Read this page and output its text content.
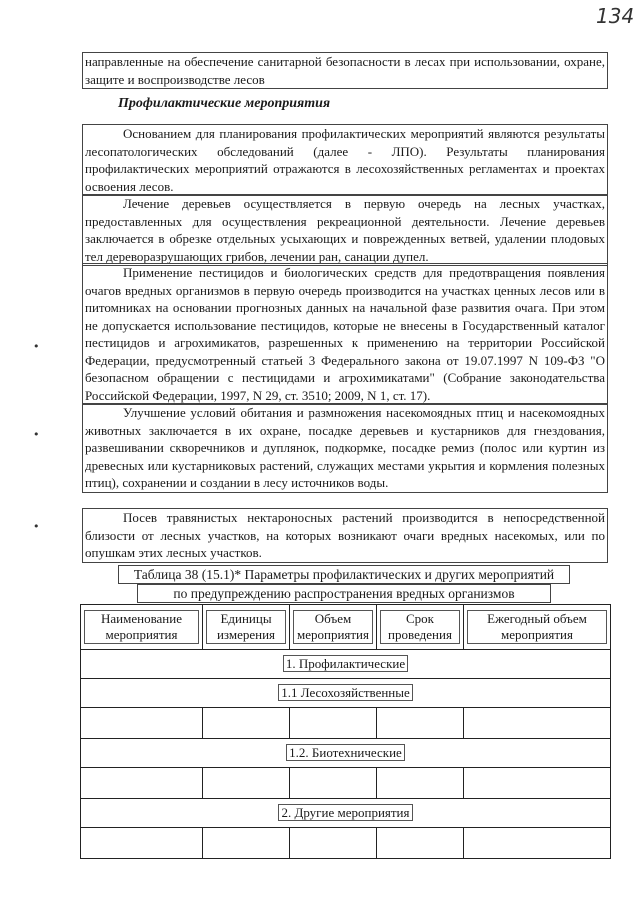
134
направленные на обеспечение санитарной безопасности в лесах при использовании, охране, защите и воспроизводстве лесов
Профилактические мероприятия
Основанием для планирования профилактических мероприятий являются результаты лесопатологических обследований (далее - ЛПО). Результаты планирования профилактических мероприятий отражаются в лесохозяйственных регламентах и проектах освоения лесов.
Лечение деревьев осуществляется в первую очередь на лесных участках, предоставленных для осуществления рекреационной деятельности. Лечение деревьев заключается в обрезке отдельных усыхающих и поврежденных ветвей, удалении плодовых тел дереворазрушающих грибов, лечении ран, санации дупел.
Применение пестицидов и биологических средств для предотвращения появления очагов вредных организмов в первую очередь производится на участках ценных лесов или в питомниках на основании прогнозных данных на начальной фазе развития очага. При этом не допускается использование пестицидов, которые не внесены в Государственный каталог пестицидов и агрохимикатов, разрешенных к применению на территории Российской Федерации, предусмотренный статьей 3 Федерального закона от 19.07.1997 N 109-ФЗ "О безопасном обращении с пестицидами и агрохимикатами" (Собрание законодательства Российской Федерации, 1997, N 29, ст. 3510; 2009, N 1, ст. 17).
Улучшение условий обитания и размножения насекомоядных птиц и насекомоядных животных заключается в их охране, посадке деревьев и кустарников для гнездования, развешивании скворечников и дуплянок, подкормке, посадке ремиз (полос или куртин из древесных или кустарниковых растений, служащих местами укрытия и кормления полезных птиц), сохранении и создании в лесу источников воды.
Посев травянистых нектароносных растений производится в непосредственной близости от лесных участков, на которых возникают очаги вредных насекомых, или по опушкам этих лесных участков.
•
•
•
Таблица 38 (15.1)* Параметры профилактических и других мероприятий
по предупреждению распространения вредных организмов
Наименование мероприятия	Единицы измерения	Объем мероприятия	Срок проведения	Ежегодный объем мероприятия
1. Профилактические				
1.1 Лесохозяйственные				

1.2. Биотехнические				

2. Другие мероприятия				
